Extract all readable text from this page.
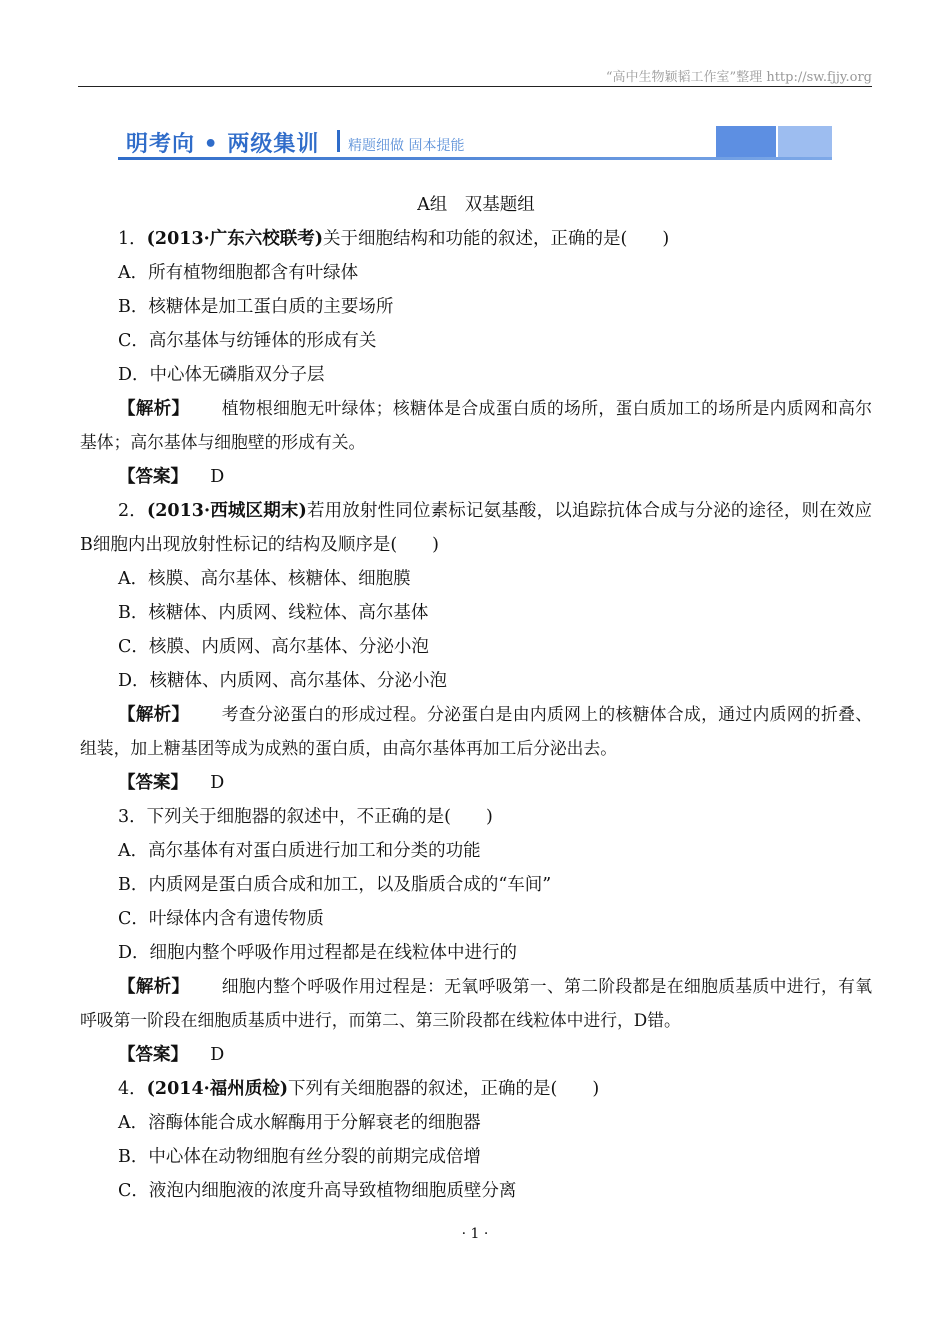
“高中生物颖韬工作室”整理 http://sw.fjjy.org
明考向 • 两级集训 精题细做 固本提能

A组　双基题组

1．(2013·广东六校联考)关于细胞结构和功能的叙述，正确的是(　　)

A．所有植物细胞都含有叶绿体

B．核糖体是加工蛋白质的主要场所

C．高尔基体与纺锤体的形成有关

D．中心体无磷脂双分子层

【解析】 植物根细胞无叶绿体；核糖体是合成蛋白质的场所，蛋白质加工的场所是内质网和高尔基体；高尔基体与细胞壁的形成有关。

【答案】 D

2．(2013·西城区期末)若用放射性同位素标记氨基酸，以追踪抗体合成与分泌的途径，则在效应B细胞内出现放射性标记的结构及顺序是(　　)

A．核膜、高尔基体、核糖体、细胞膜

B．核糖体、内质网、线粒体、高尔基体

C．核膜、内质网、高尔基体、分泌小泡

D．核糖体、内质网、高尔基体、分泌小泡

【解析】 考查分泌蛋白的形成过程。分泌蛋白是由内质网上的核糖体合成，通过内质网的折叠、组装，加上糖基团等成为成熟的蛋白质，由高尔基体再加工后分泌出去。

【答案】 D

3．下列关于细胞器的叙述中，不正确的是(　　)

A．高尔基体有对蛋白质进行加工和分类的功能

B．内质网是蛋白质合成和加工，以及脂质合成的“车间”

C．叶绿体内含有遗传物质

D．细胞内整个呼吸作用过程都是在线粒体中进行的

【解析】 细胞内整个呼吸作用过程是：无氧呼吸第一、第二阶段都是在细胞质基质中进行，有氧呼吸第一阶段在细胞质基质中进行，而第二、第三阶段都在线粒体中进行，D错。

【答案】 D

4．(2014·福州质检)下列有关细胞器的叙述，正确的是(　　)

A．溶酶体能合成水解酶用于分解衰老的细胞器

B．中心体在动物细胞有丝分裂的前期完成倍增

C．液泡内细胞液的浓度升高导致植物细胞质壁分离

· 1 ·
